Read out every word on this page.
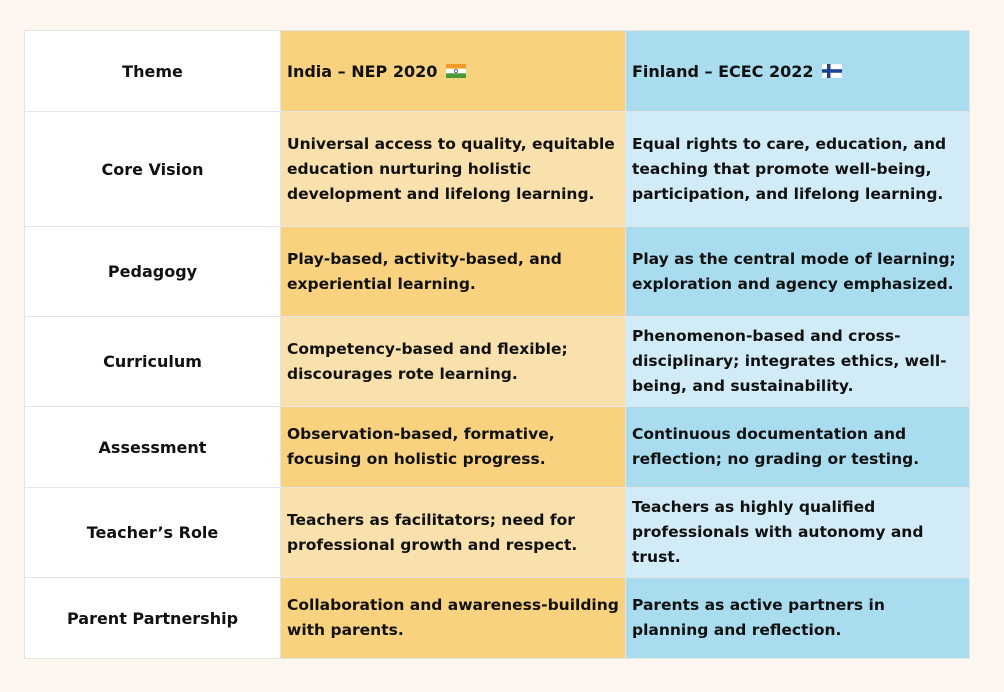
Theme	India – NEP 2020	Finland – ECEC 2022
Core Vision	Universal access to quality, equitable education nurturing holistic development and lifelong learning.	Equal rights to care, education, and teaching that promote well-being, participation, and lifelong learning.
Pedagogy	Play-based, activity-based, and experiential learning.	Play as the central mode of learning; exploration and agency emphasized.
Curriculum	Competency-based and flexible; discourages rote learning.	Phenomenon-based and cross-disciplinary; integrates ethics, well-being, and sustainability.
Assessment	Observation-based, formative, focusing on holistic progress.	Continuous documentation and reflection; no grading or testing.
Teacher’s Role	Teachers as facilitators; need for professional growth and respect.	Teachers as highly qualified professionals with autonomy and trust.
Parent Partnership	Collaboration and awareness-building with parents.	Parents as active partners in planning and reflection.
